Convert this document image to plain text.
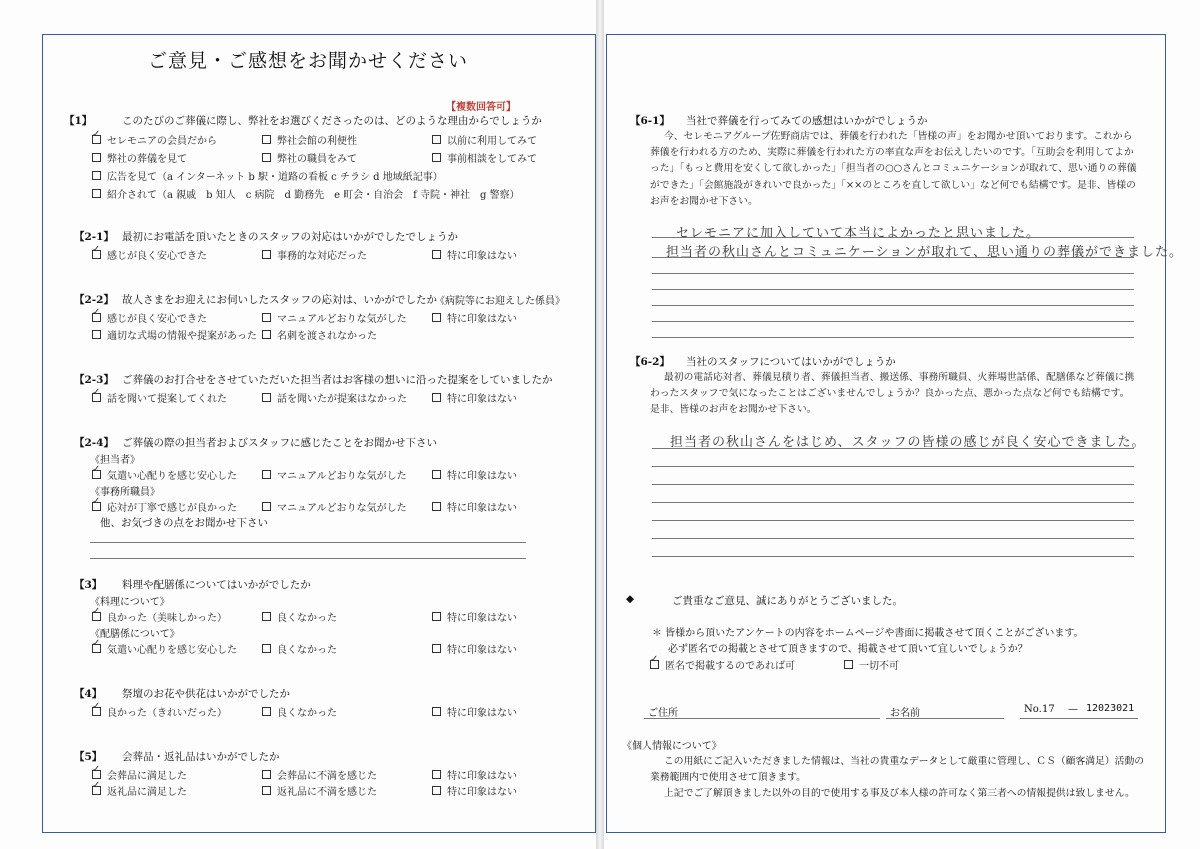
ご意見・ご感想をお聞かせください
【複数回答可】
【1】	このたびのご葬儀に際し、弊社をお選びくださったのは、どのような理由からでしょうか
✓
セレモニアの会員だから	弊社会館の利便性	以前に利用してみて
弊社の葬儀を見て	弊社の職員をみて	事前相談をしてみて
広告を見て（a インターネット b 駅・道路の看板 c チラシ d 地域紙記事）
紹介されて（a 親戚　b 知人　c 病院　d 勤務先　e 町会・自治会　f 寺院・神社　g 警察）
【2-1】 最初にお電話を頂いたときのスタッフの対応はいかがでしたでしょうか
✓
感じが良く安心できた	事務的な対応だった	特に印象はない
【2-2】 故人さまをお迎えにお伺いしたスタッフの応対は、いかがでしたか
《病院等にお迎えした係員》
✓
感じが良く安心できた	マニュアルどおりな気がした	特に印象はない
適切な式場の情報や提案があった 名刺を渡されなかった
【2-3】 ご葬儀のお打合せをさせていただいた担当者はお客様の想いに沿った提案をしていましたか
✓
話を聞いて提案してくれた	話を聞いたが提案はなかった	特に印象はない
【2-4】 ご葬儀の際の担当者およびスタッフに感じたことをお聞かせ下さい
《担当者》
✓
気遣い心配りを感じ安心した	マニュアルどおりな気がした	特に印象はない
《事務所職員》
✓
応対が丁寧で感じが良かった	マニュアルどおりな気がした	特に印象はない
他、お気づきの点をお聞かせ下さい
【3】 料理や配膳係についてはいかがでしたか
《料理について》
✓
良かった（美味しかった）	良くなかった	特に印象はない
《配膳係について》
✓
気遣い心配りを感じ安心した	良くなかった	特に印象はない
【4】 祭壇のお花や供花はいかがでしたか
✓
良かった（きれいだった）	良くなかった	特に印象はない
【5】 会葬品・返礼品はいかがでしたか
✓
会葬品に満足した	会葬品に不満を感じた	特に印象はない
✓
返礼品に満足した	返礼品に不満を感じた	特に印象はない
【6-1】 当社で葬儀を行ってみての感想はいかがでしょうか
今、セレモニアグループ佐野商店では、葬儀を行われた「皆様の声」をお聞かせ頂いております。これから葬儀を行われる方のため、実際に葬儀を行われた方の率直な声をお伝えしたいのです。「互助会を利用してよかった」「もっと費用を安くして欲しかった」「担当者の○○さんとコミュニケーションが取れて、思い通りの葬儀ができた」「会館施設がきれいで良かった」「××のところを直して欲しい」など何でも結構です。是非、皆様のお声をお聞かせ下さい。
セレモニアに加入していて本当によかったと思いました。
担当者の秋山さんとコミュニケーションが取れて、思い通りの葬儀ができました。
【6-2】 当社のスタッフについてはいかがでしょうか
最初の電話応対者、葬儀見積り者、葬儀担当者、搬送係、事務所職員、火葬場世話係、配膳係など葬儀に携わったスタッフで気になったことはございませんでしょうか？良かった点、悪かった点など何でも結構です。是非、皆様のお声をお聞かせ下さい。
担当者の秋山さんをはじめ、スタッフの皆様の感じが良く安心できました。
◆	ご貴重なご意見、誠にありがとうございました。
＊ 皆様から頂いたアンケートの内容をホームページや書面に掲載させて頂くことがございます。
必ず匿名での掲載とさせて頂きますので、掲載させて頂いて宜しいでしょうか？
✓
匿名で掲載するのであれば可	一切不可
ご住所	お名前	No. 17 — 12023021
《個人情報について》
この用紙にご記入いただきました情報は、当社の貴重なデータとして厳重に管理し、ＣＳ（顧客満足）活動の
業務範囲内で使用させて頂きます。
上記でご了解頂きました以外の目的で使用する事及び本人様の許可なく第三者への情報提供は致しません。
